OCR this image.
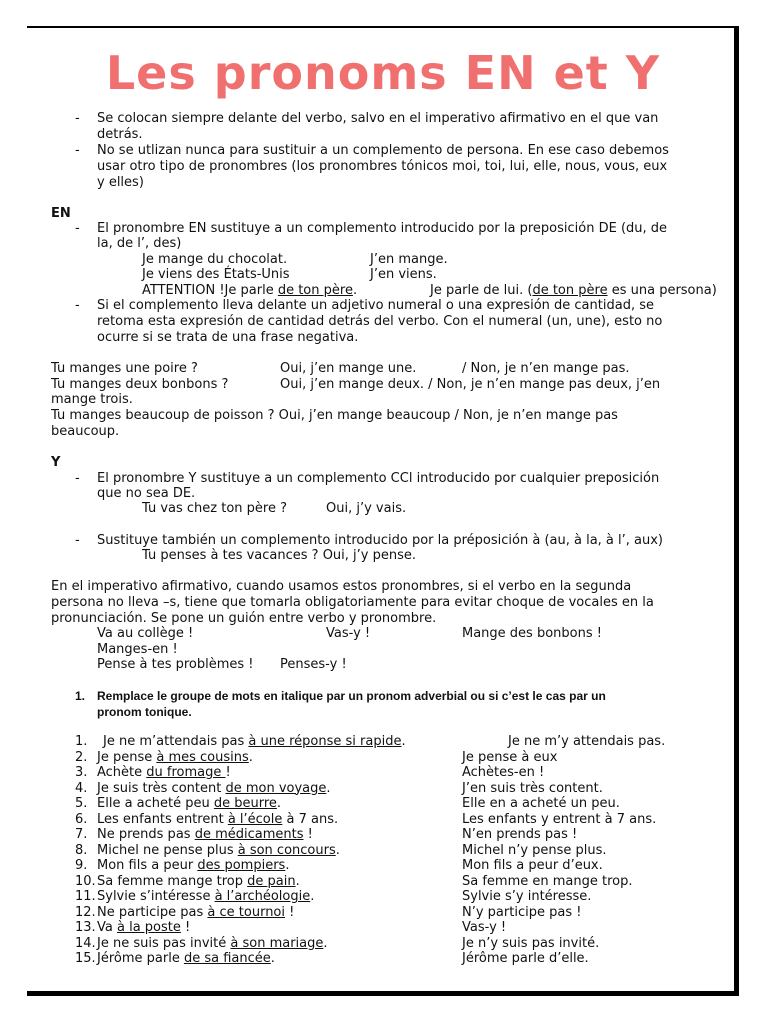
Les pronoms EN et Y
- Se colocan siempre delante del verbo, salvo en el imperativo afirmativo en el que van
detrás.
- No se utlizan nunca para sustituir a un complemento de persona. En ese caso debemos
usar otro tipo de pronombres (los pronombres tónicos moi, toi, lui, elle, nous, vous, eux
y elles)
EN
- El pronombre EN sustituye a un complemento introducido por la preposición DE (du, de
la, de l’, des)
Je mange du chocolat.	J’en mange.
Je viens des États-Unis	J’en viens.
ATTENTION !Je parle de ton père.	Je parle de lui. (de ton père es una persona)
- Si el complemento lleva delante un adjetivo numeral o una expresión de cantidad, se
retoma esta expresión de cantidad detrás del verbo. Con el numeral (un, une), esto no
ocurre si se trata de una frase negativa.
Tu manges une poire ?	Oui, j’en mange une.	/ Non, je n’en mange pas.
Tu manges deux bonbons ?	Oui, j’en mange deux. / Non, je n’en mange pas deux, j’en
mange trois.
Tu manges beaucoup de poisson ? Oui, j’en mange beaucoup / Non, je n’en mange pas
beaucoup.
Y
- El pronombre Y sustituye a un complemento CCl introducido por cualquier preposición
que no sea DE.
Tu vas chez ton père ?	Oui, j’y vais.
- Sustituye también un complemento introducido por la préposición à (au, à la, à l’, aux)
Tu penses à tes vacances ? Oui, j’y pense.
En el imperativo afirmativo, cuando usamos estos pronombres, si el verbo en la segunda
persona no lleva –s, tiene que tomarla obligatoriamente para evitar choque de vocales en la
pronunciación. Se pone un guión entre verbo y pronombre.
Va au collège !	Vas-y !	Mange des bonbons !
Manges-en !
Pense à tes problèmes ! Penses-y !
1. Remplace le groupe de mots en italique par un pronom adverbial ou si c’est le cas par un
pronom tonique.
1. Je ne m’attendais pas à une réponse si rapide.	Je ne m’y attendais pas.
2. Je pense à mes cousins.	Je pense à eux
3. Achète du fromage !	Achètes-en !
4. Je suis très content de mon voyage.	J’en suis très content.
5. Elle a acheté peu de beurre.	Elle en a acheté un peu.
6. Les enfants entrent à l’école à 7 ans.	Les enfants y entrent à 7 ans.
7. Ne prends pas de médicaments !	N’en prends pas !
8. Michel ne pense plus à son concours.	Michel n’y pense plus.
9. Mon fils a peur des pompiers.	Mon fils a peur d’eux.
10. Sa femme mange trop de pain.	Sa femme en mange trop.
11. Sylvie s’intéresse à l’archéologie.	Sylvie s’y intéresse.
12. Ne participe pas à ce tournoi !	N’y participe pas !
13. Va à la poste !	Vas-y !
14. Je ne suis pas invité à son mariage.	Je n’y suis pas invité.
15. Jérôme parle de sa fiancée.	Jérôme parle d’elle.
